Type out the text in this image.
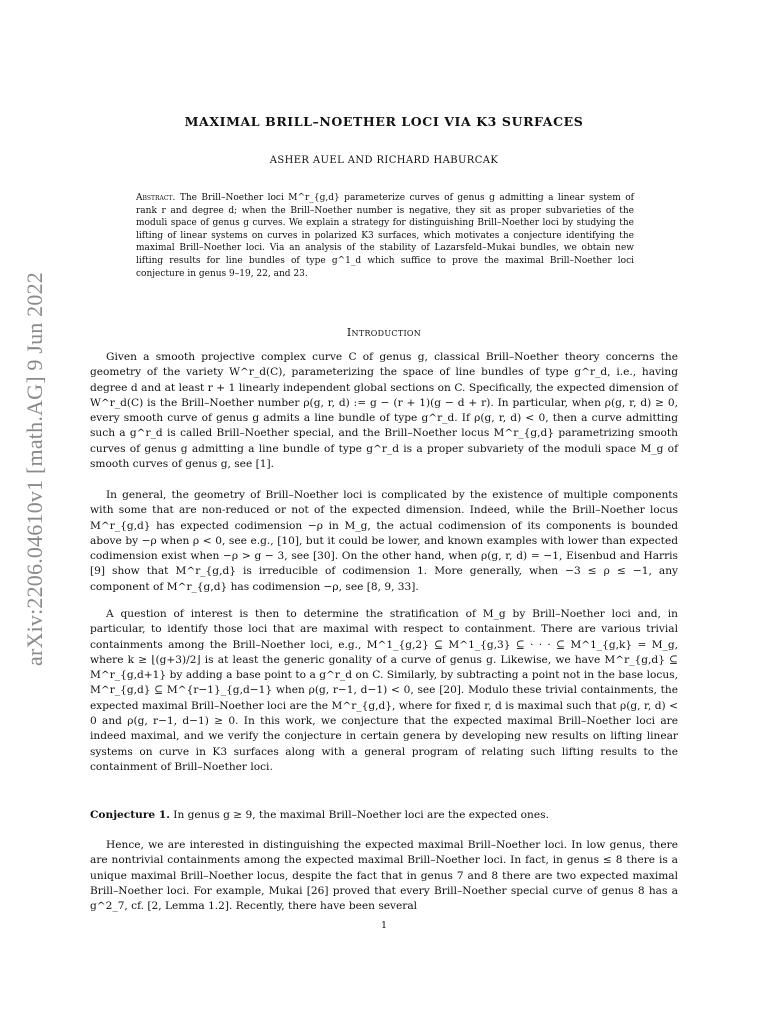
arXiv:2206.04610v1 [math.AG] 9 Jun 2022
MAXIMAL BRILL–NOETHER LOCI VIA K3 SURFACES
ASHER AUEL AND RICHARD HABURCAK
Abstract. The Brill–Noether loci M^r_{g,d} parameterize curves of genus g admitting a linear system of rank r and degree d; when the Brill–Noether number is negative, they sit as proper subvarieties of the moduli space of genus g curves. We explain a strategy for distinguishing Brill–Noether loci by studying the lifting of linear systems on curves in polarized K3 surfaces, which motivates a conjecture identifying the maximal Brill–Noether loci. Via an analysis of the stability of Lazarsfeld–Mukai bundles, we obtain new lifting results for line bundles of type g^1_d which suffice to prove the maximal Brill–Noether loci conjecture in genus 9–19, 22, and 23.
Introduction

Given a smooth projective complex curve C of genus g, classical Brill–Noether theory concerns the geometry of the variety W^r_d(C), parameterizing the space of line bundles of type g^r_d, i.e., having degree d and at least r + 1 linearly independent global sections on C. Specifically, the expected dimension of W^r_d(C) is the Brill–Noether number ρ(g, r, d) := g − (r + 1)(g − d + r). In particular, when ρ(g, r, d) ≥ 0, every smooth curve of genus g admits a line bundle of type g^r_d. If ρ(g, r, d) < 0, then a curve admitting such a g^r_d is called Brill–Noether special, and the Brill–Noether locus M^r_{g,d} parametrizing smooth curves of genus g admitting a line bundle of type g^r_d is a proper subvariety of the moduli space M_g of smooth curves of genus g, see [1].

In general, the geometry of Brill–Noether loci is complicated by the existence of multiple components with some that are non-reduced or not of the expected dimension. Indeed, while the Brill–Noether locus M^r_{g,d} has expected codimension −ρ in M_g, the actual codimension of its components is bounded above by −ρ when ρ < 0, see e.g., [10], but it could be lower, and known examples with lower than expected codimension exist when −ρ > g − 3, see [30]. On the other hand, when ρ(g, r, d) = −1, Eisenbud and Harris [9] show that M^r_{g,d} is irreducible of codimension 1. More generally, when −3 ≤ ρ ≤ −1, any component of M^r_{g,d} has codimension −ρ, see [8, 9, 33].

A question of interest is then to determine the stratification of M_g by Brill–Noether loci and, in particular, to identify those loci that are maximal with respect to containment. There are various trivial containments among the Brill–Noether loci, e.g., M^1_{g,2} ⊆ M^1_{g,3} ⊆ · · · ⊆ M^1_{g,k} = M_g, where k ≥ ⌊(g+3)/2⌋ is at least the generic gonality of a curve of genus g. Likewise, we have M^r_{g,d} ⊆ M^r_{g,d+1} by adding a base point to a g^r_d on C. Similarly, by subtracting a point not in the base locus, M^r_{g,d} ⊆ M^{r−1}_{g,d−1} when ρ(g, r−1, d−1) < 0, see [20]. Modulo these trivial containments, the expected maximal Brill–Noether loci are the M^r_{g,d}, where for fixed r, d is maximal such that ρ(g, r, d) < 0 and ρ(g, r−1, d−1) ≥ 0. In this work, we conjecture that the expected maximal Brill–Noether loci are indeed maximal, and we verify the conjecture in certain genera by developing new results on lifting linear systems on curve in K3 surfaces along with a general program of relating such lifting results to the containment of Brill–Noether loci.

Conjecture 1. In genus g ≥ 9, the maximal Brill–Noether loci are the expected ones.

Hence, we are interested in distinguishing the expected maximal Brill–Noether loci. In low genus, there are nontrivial containments among the expected maximal Brill–Noether loci. In fact, in genus ≤ 8 there is a unique maximal Brill–Noether locus, despite the fact that in genus 7 and 8 there are two expected maximal Brill–Noether loci. For example, Mukai [26] proved that every Brill–Noether special curve of genus 8 has a g^2_7, cf. [2, Lemma 1.2]. Recently, there have been several

1
